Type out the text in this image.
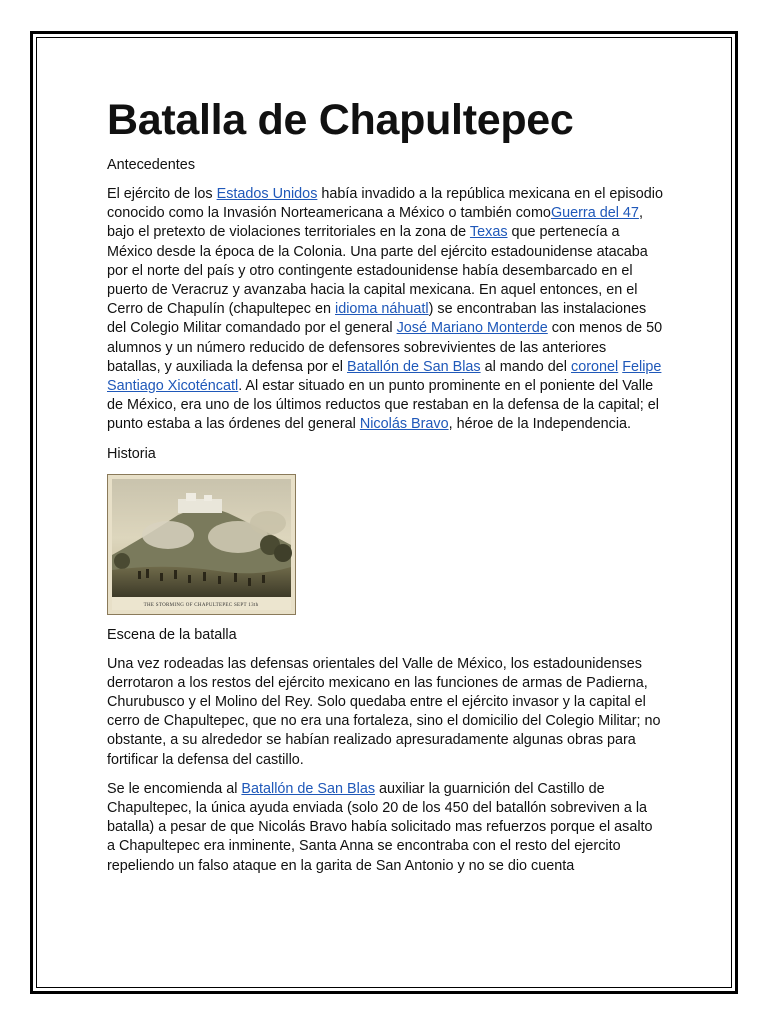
Batalla de Chapultepec

Antecedentes

El ejército de los Estados Unidos había invadido a la república mexicana en el episodio conocido como la Invasión Norteamericana a México o también comoGuerra del 47, bajo el pretexto de violaciones territoriales en la zona de Texas que pertenecía a México desde la época de la Colonia. Una parte del ejército estadounidense atacaba por el norte del país y otro contingente estadounidense había desembarcado en el puerto de Veracruz y avanzaba hacia la capital mexicana. En aquel entonces, en el Cerro de Chapulín (chapultepec en idioma náhuatl) se encontraban las instalaciones del Colegio Militar comandado por el general José Mariano Monterde con menos de 50 alumnos y un número reducido de defensores sobrevivientes de las anteriores batallas, y auxiliada la defensa por el Batallón de San Blas al mando del coronel Felipe Santiago Xicoténcatl. Al estar situado en un punto prominente en el poniente del Valle de México, era uno de los últimos reductos que restaban en la defensa de la capital; el punto estaba a las órdenes del general Nicolás Bravo, héroe de la Independencia.

Historia

THE STORMING OF CHAPULTEPEC SEPT 13th

Escena de la batalla

Una vez rodeadas las defensas orientales del Valle de México, los estadounidenses derrotaron a los restos del ejército mexicano en las funciones de armas de Padierna, Churubusco y el Molino del Rey. Solo quedaba entre el ejército invasor y la capital el cerro de Chapultepec, que no era una fortaleza, sino el domicilio del Colegio Militar; no obstante, a su alrededor se habían realizado apresuradamente algunas obras para fortificar la defensa del castillo.

Se le encomienda al Batallón de San Blas auxiliar la guarnición del Castillo de Chapultepec, la única ayuda enviada (solo 20 de los 450 del batallón sobreviven a la batalla) a pesar de que Nicolás Bravo había solicitado mas refuerzos porque el asalto a Chapultepec era inminente, Santa Anna se encontraba con el resto del ejercito repeliendo un falso ataque en la garita de San Antonio y no se dio cuenta
